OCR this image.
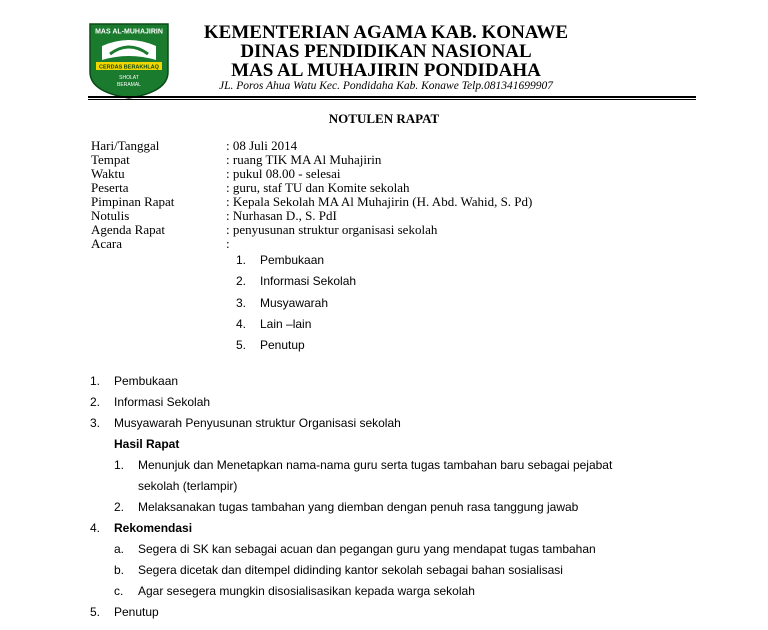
MAS AL-MUHAJIRIN
CERDAS BERAKHLAQ
SHOLAT
BERAMAL
KEMENTERIAN AGAMA KAB. KONAWE
DINAS PENDIDIKAN NASIONAL
MAS AL MUHAJIRIN PONDIDAHA
JL. Poros Ahua Watu Kec. Pondidaha Kab. Konawe Telp.081341699907
NOTULEN RAPAT
Hari/Tanggal	: 08 Juli 2014
Tempat	: ruang TIK MA Al Muhajirin
Waktu	: pukul 08.00 - selesai
Peserta	: guru, staf TU dan Komite sekolah
Pimpinan Rapat	: Kepala Sekolah MA Al Muhajirin (H. Abd. Wahid, S. Pd)
Notulis	: Nurhasan D., S. PdI
Agenda Rapat	: penyusunan struktur organisasi sekolah
Acara	:
1.	Pembukaan
2.	Informasi Sekolah
3.	Musyawarah
4.	Lain –lain
5.	Penutup
1. Pembukaan
2. Informasi Sekolah
3. Musyawarah Penyusunan struktur Organisasi sekolah
Hasil Rapat
1. Menunjuk dan Menetapkan nama-nama guru serta tugas tambahan baru sebagai pejabat
sekolah (terlampir)
2. Melaksanakan tugas tambahan yang diemban dengan penuh rasa tanggung jawab
4. Rekomendasi
a. Segera di SK kan sebagai acuan dan pegangan guru yang mendapat tugas tambahan
b. Segera dicetak dan ditempel didinding kantor sekolah sebagai bahan sosialisasi
c. Agar sesegera mungkin disosialisasikan kepada warga sekolah
5. Penutup
